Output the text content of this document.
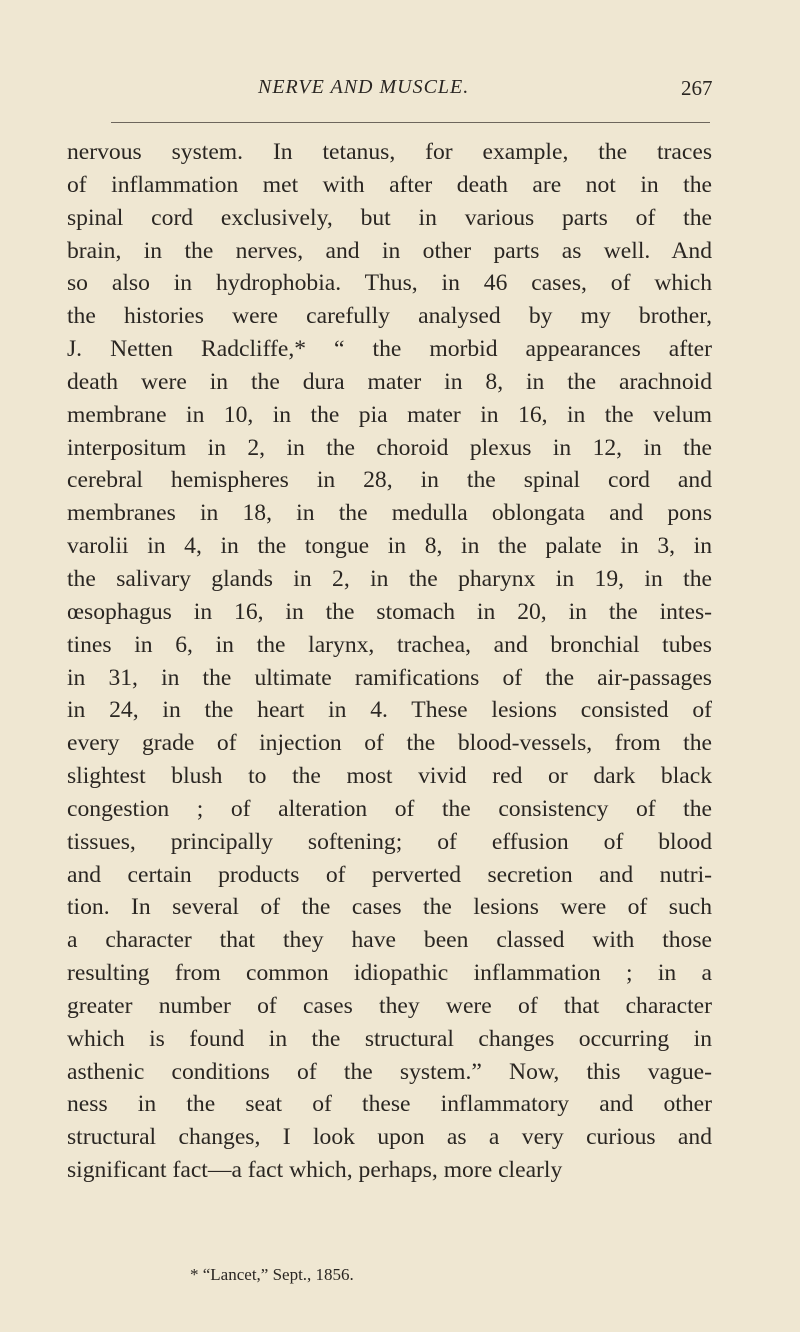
NERVE AND MUSCLE.	267
nervous system. In tetanus, for example, the traces
of inflammation met with after death are not in the
spinal cord exclusively, but in various parts of the
brain, in the nerves, and in other parts as well. And
so also in hydrophobia. Thus, in 46 cases, of which
the histories were carefully analysed by my brother,
J. Netten Radcliffe,* “ the morbid appearances after
death were in the dura mater in 8, in the arachnoid
membrane in 10, in the pia mater in 16, in the velum
interpositum in 2, in the choroid plexus in 12, in the
cerebral hemispheres in 28, in the spinal cord and
membranes in 18, in the medulla oblongata and pons
varolii in 4, in the tongue in 8, in the palate in 3, in
the salivary glands in 2, in the pharynx in 19, in the
œsophagus in 16, in the stomach in 20, in the intes-
tines in 6, in the larynx, trachea, and bronchial tubes
in 31, in the ultimate ramifications of the air-passages
in 24, in the heart in 4. These lesions consisted of
every grade of injection of the blood-vessels, from the
slightest blush to the most vivid red or dark black
congestion ; of alteration of the consistency of the
tissues, principally softening; of effusion of blood
and certain products of perverted secretion and nutri-
tion. In several of the cases the lesions were of such
a character that they have been classed with those
resulting from common idiopathic inflammation ; in a
greater number of cases they were of that character
which is found in the structural changes occurring in
asthenic conditions of the system.” Now, this vague-
ness in the seat of these inflammatory and other
structural changes, I look upon as a very curious and
significant fact—a fact which, perhaps, more clearly
* “Lancet,” Sept., 1856.
